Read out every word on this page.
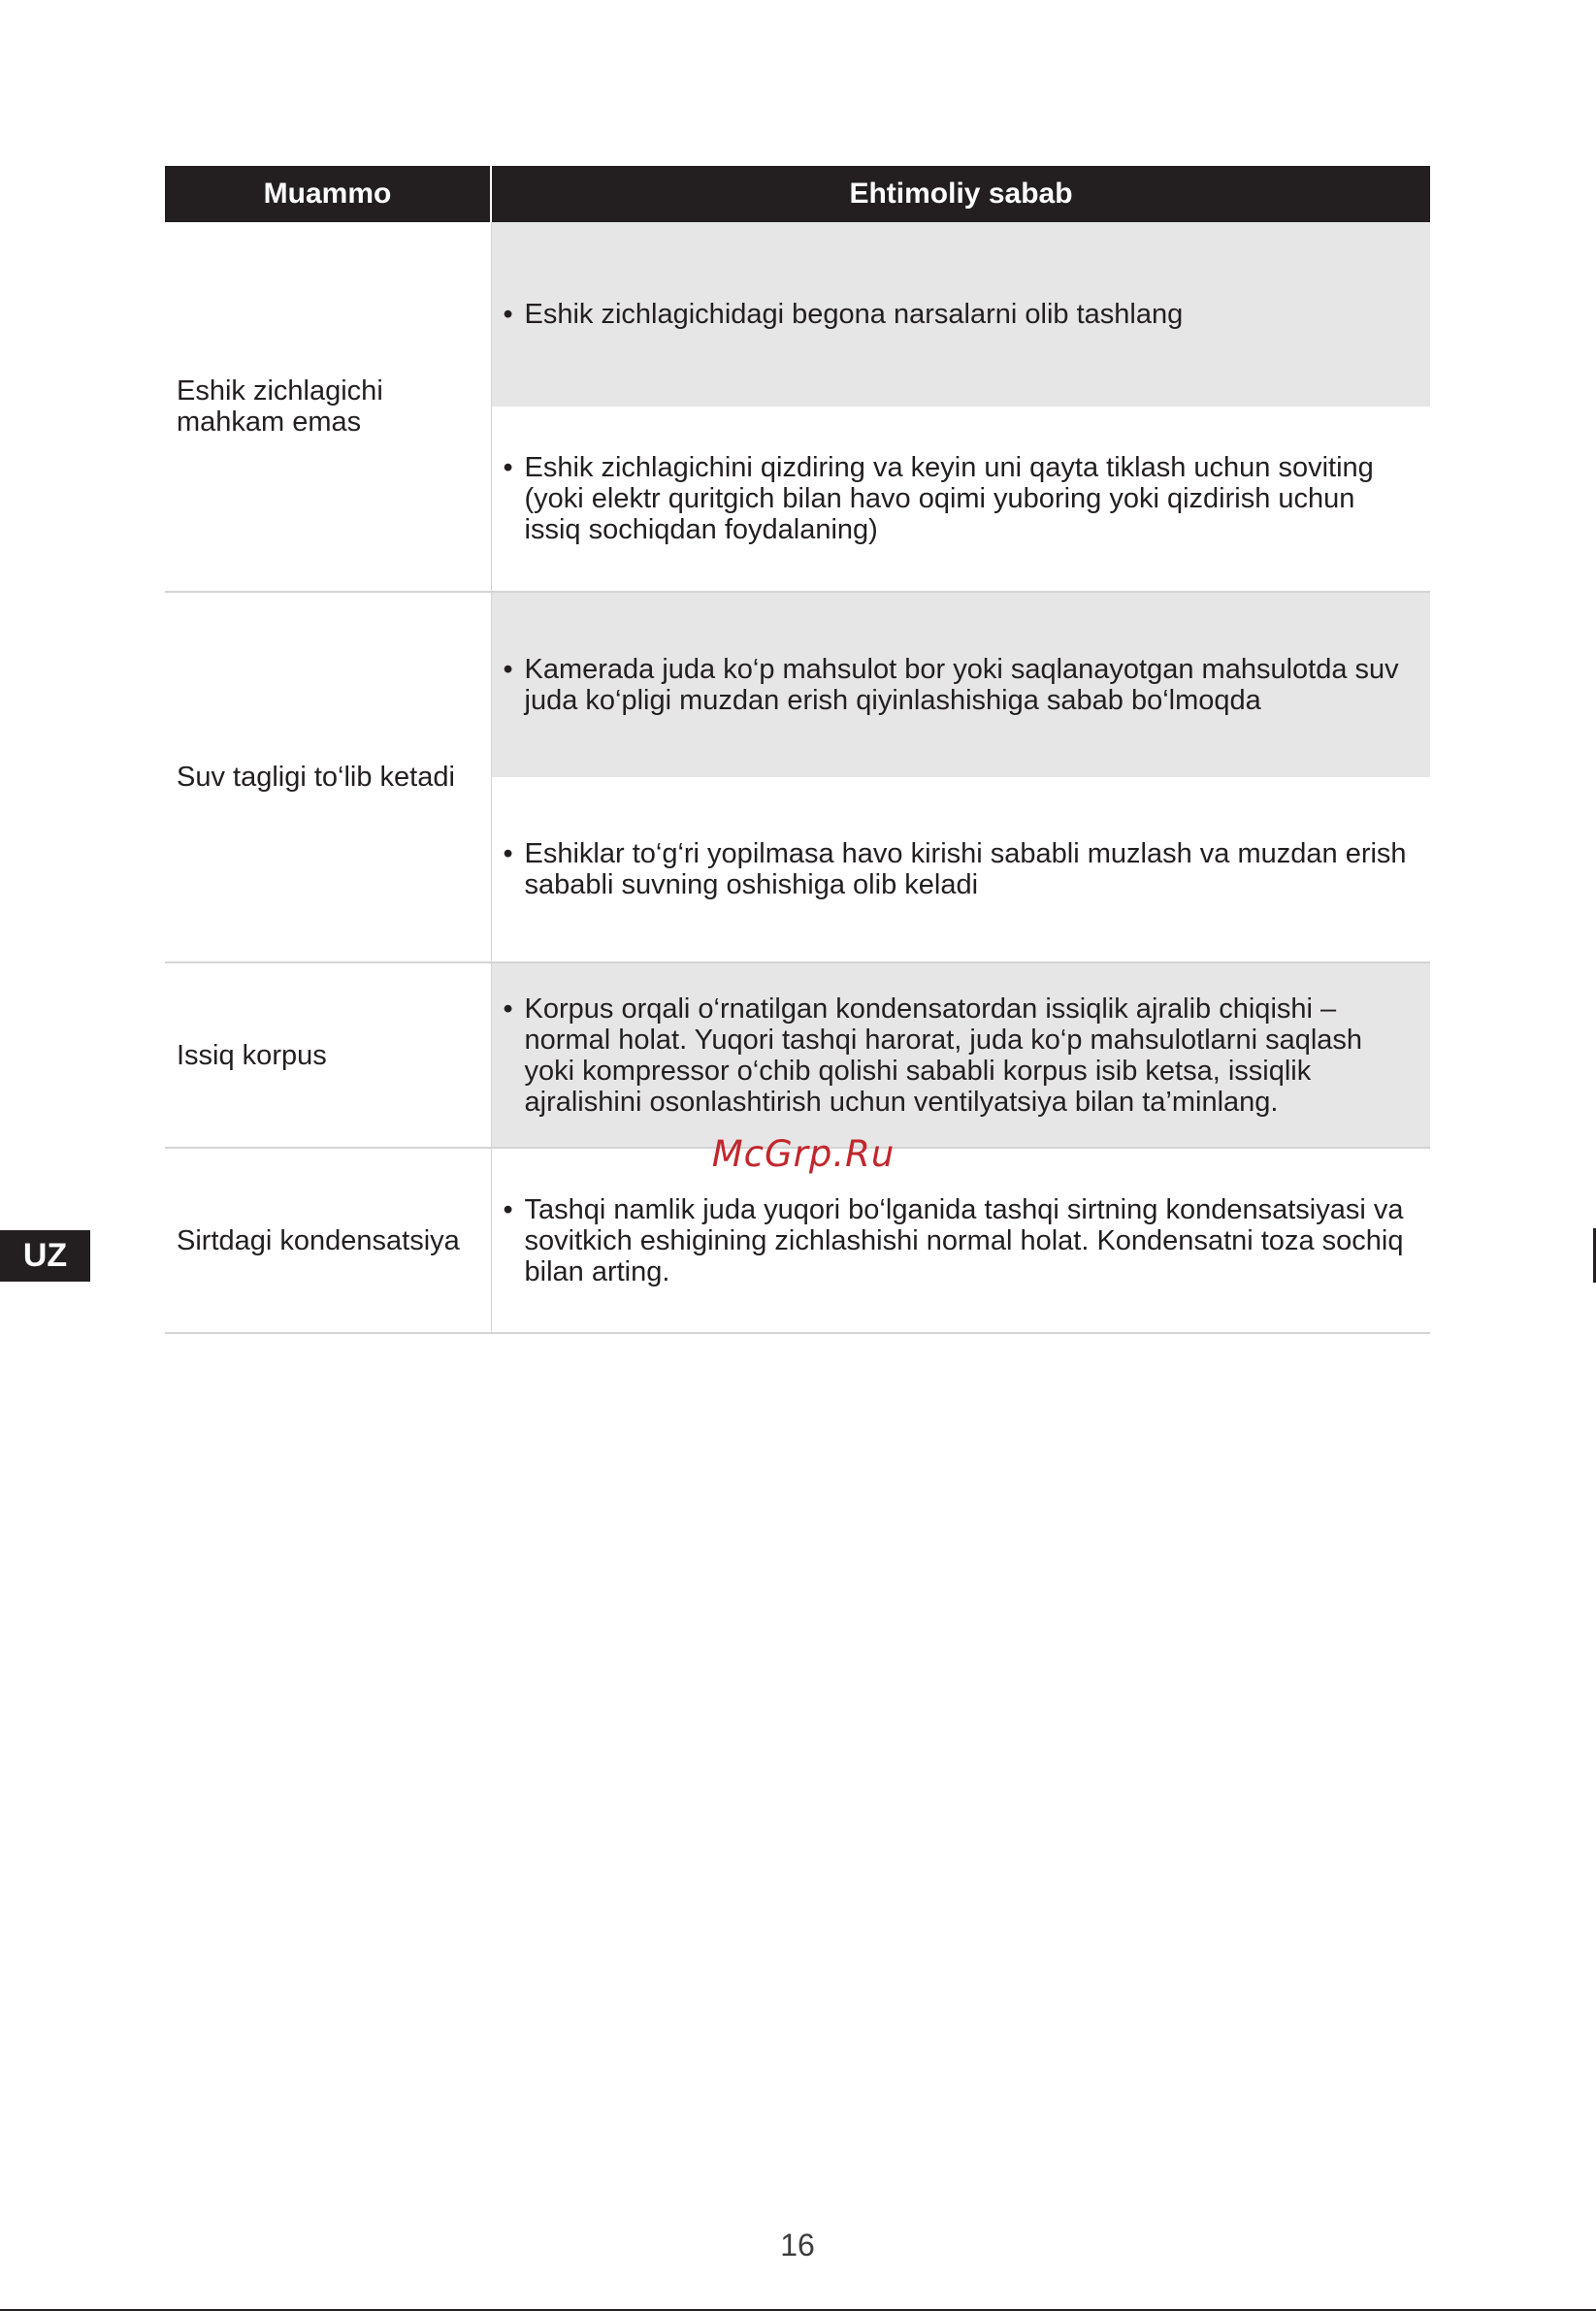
Muammo	Ehtimoliy sabab
Eshik zichlagichi mahkam emas	• Eshik zichlagichidagi begona narsalarni olib tashlang

	• Eshik zichlagichini qizdiring va keyin uni qayta tiklash uchun soviting (yoki elektr quritgich bilan havo oqimi yuboring yoki qizdirish uchun issiq sochiqdan foydalaning)

Suv tagligi to‘lib ketadi	• Kamerada juda ko‘p mahsulot bor yoki saqlanayotgan mahsulotda suv juda ko‘pligi muzdan erish qiyinlashishiga sabab bo‘lmoqda

	• Eshiklar to‘g‘ri yopilmasa havo kirishi sababli muzlash va muzdan erish sababli suvning oshishiga olib keladi

Issiq korpus	• Korpus orqali o‘rnatilgan kondensatordan issiqlik ajralib chiqishi – normal holat. Yuqori tashqi harorat, juda ko‘p mahsulotlarni saqlash yoki kompressor o‘chib qolishi sababli korpus isib ketsa, issiqlik ajralishini osonlashtirish uchun ventilyatsiya bilan ta’minlang.

Sirtdagi kondensatsiya	• Tashqi namlik juda yuqori bo‘lganida tashqi sirtning kondensatsiyasi va sovitkich eshigining zichlashishi normal holat. Kondensatni toza sochiq bilan arting.
McGrp.Ru
UZ
16
